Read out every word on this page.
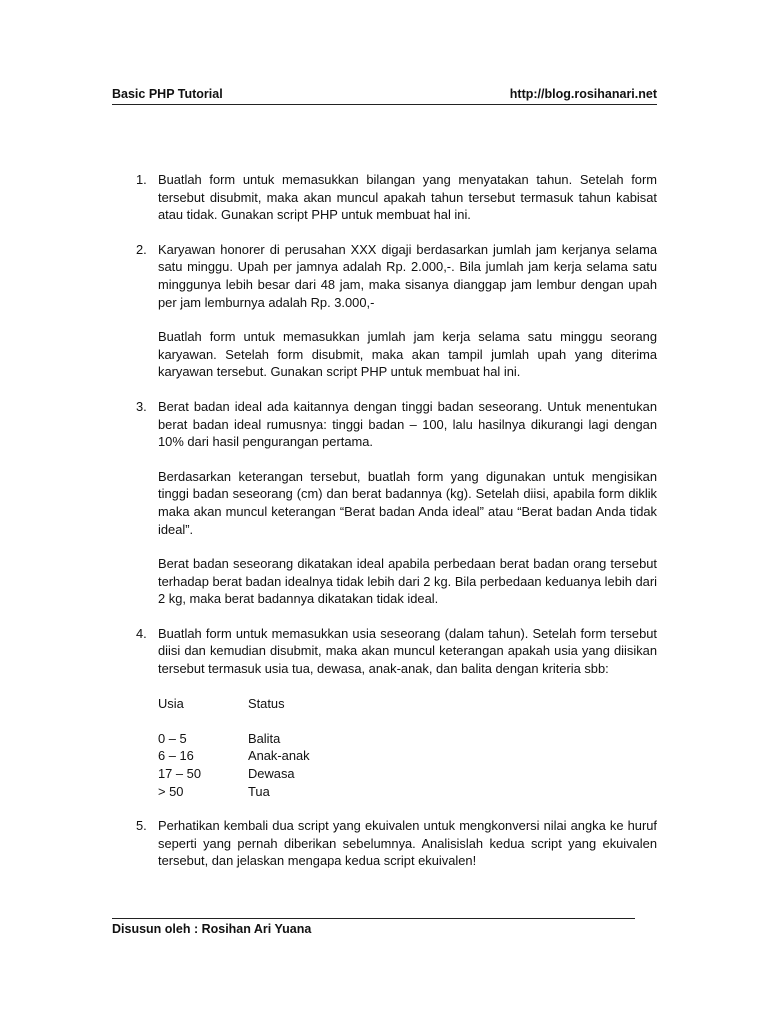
Basic PHP Tutorial	http://blog.rosihanari.net
1. Buatlah form untuk memasukkan bilangan yang menyatakan tahun. Setelah form tersebut disubmit, maka akan muncul apakah tahun tersebut termasuk tahun kabisat atau tidak. Gunakan script PHP untuk membuat hal ini.

2. Karyawan honorer di perusahan XXX digaji berdasarkan jumlah jam kerjanya selama satu minggu. Upah per jamnya adalah Rp. 2.000,-. Bila jumlah jam kerja selama satu minggunya lebih besar dari 48 jam, maka sisanya dianggap jam lembur dengan upah per jam lemburnya adalah Rp. 3.000,-

Buatlah form untuk memasukkan jumlah jam kerja selama satu minggu seorang karyawan. Setelah form disubmit, maka akan tampil jumlah upah yang diterima karyawan tersebut. Gunakan script PHP untuk membuat hal ini.

3. Berat badan ideal ada kaitannya dengan tinggi badan seseorang. Untuk menentukan berat badan ideal rumusnya: tinggi badan – 100, lalu hasilnya dikurangi lagi dengan 10% dari hasil pengurangan pertama.

Berdasarkan keterangan tersebut, buatlah form yang digunakan untuk mengisikan tinggi badan seseorang (cm) dan berat badannya (kg). Setelah diisi, apabila form diklik maka akan muncul keterangan “Berat badan Anda ideal” atau “Berat badan Anda tidak ideal”.

Berat badan seseorang dikatakan ideal apabila perbedaan berat badan orang tersebut terhadap berat badan idealnya tidak lebih dari 2 kg. Bila perbedaan keduanya lebih dari 2 kg, maka berat badannya dikatakan tidak ideal.

4. Buatlah form untuk memasukkan usia seseorang (dalam tahun). Setelah form tersebut diisi dan kemudian disubmit, maka akan muncul keterangan apakah usia yang diisikan tersebut termasuk usia tua, dewasa, anak-anak, dan balita dengan kriteria sbb:

Usia	Status

0 – 5	Balita
6 – 16	Anak-anak
17 – 50	Dewasa
> 50	Tua
5. Perhatikan kembali dua script yang ekuivalen untuk mengkonversi nilai angka ke huruf seperti yang pernah diberikan sebelumnya. Analisislah kedua script yang ekuivalen tersebut, dan jelaskan mengapa kedua script ekuivalen!

Disusun oleh : Rosihan Ari Yuana
